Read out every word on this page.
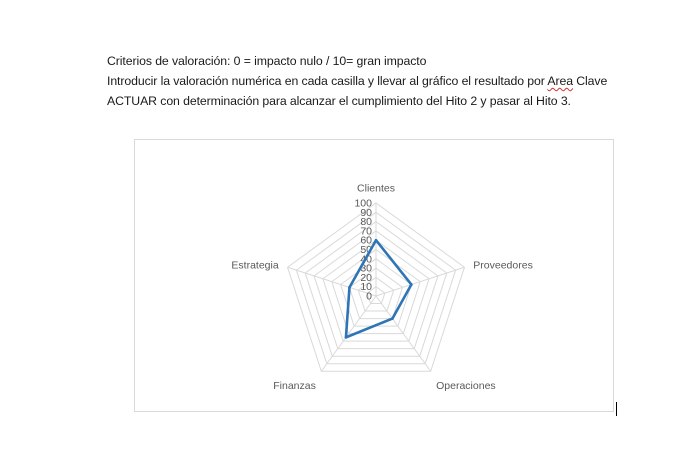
Criterios de valoración: 0 = impacto nulo / 10= gran impacto

Introducir la valoración numérica en cada casilla y llevar al gráfico el resultado por Area Clave

ACTUAR con determinación para alcanzar el cumplimiento del Hito 2 y pasar al Hito 3.

0
10
20
30
40
50
60
70
80
90
100
Clientes
Proveedores
Operaciones
Finanzas
Estrategia
